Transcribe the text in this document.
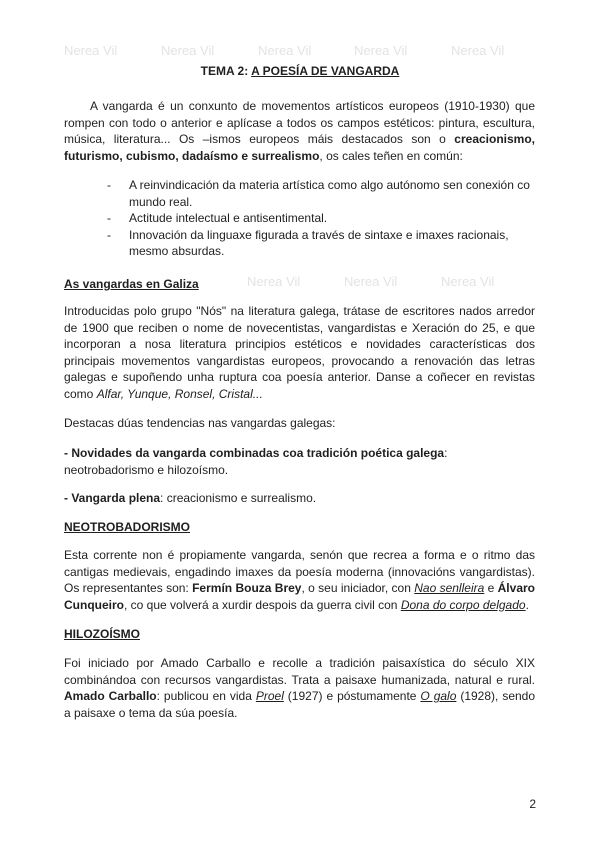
Nerea Vil	Nerea Vil	Nerea Vil	Nerea Vil	Nerea Vil
TEMA 2: A POESÍA DE VANGARDA
A vangarda é un conxunto de movementos artísticos europeos (1910-1930) que rompen con todo o anterior e aplícase a todos os campos estéticos: pintura, escultura, música, literatura... Os –ismos europeos máis destacados son o creacionismo, futurismo, cubismo, dadaísmo e surrealismo, os cales teñen en común:
-	A reinvindicación da materia artística como algo autónomo sen conexión co mundo real.
-	Actitude intelectual e antisentimental.
-	Innovación da linguaxe figurada a través de sintaxe e imaxes racionais, mesmo absurdas.
As vangardas en Galiza	Nerea Vil	Nerea Vil	Nerea Vil
Introducidas polo grupo "Nós" na literatura galega, trátase de escritores nados arredor de 1900 que reciben o nome de novecentistas, vangardistas e Xeración do 25, e que incorporan a nosa literatura principios estéticos e novidades características dos principais movementos vangardistas europeos, provocando a renovación das letras galegas e supoñendo unha ruptura coa poesía anterior. Danse a coñecer en revistas como Alfar, Yunque, Ronsel, Cristal...
Destacas dúas tendencias nas vangardas galegas:
- Novidades da vangarda combinadas coa tradición poética galega: neotrobadorismo e hilozoísmo.
- Vangarda plena: creacionismo e surrealismo.
NEOTROBADORISMO
Esta corrente non é propiamente vangarda, senón que recrea a forma e o ritmo das cantigas medievais, engadindo imaxes da poesía moderna (innovacións vangardistas). Os representantes son: Fermín Bouza Brey, o seu iniciador, con Nao senlleira e Álvaro Cunqueiro, co que volverá a xurdir despois da guerra civil con Dona do corpo delgado.
HILOZOÍSMO
Foi iniciado por Amado Carballo e recolle a tradición paisaxística do século XIX combinándoa con recursos vangardistas. Trata a paisaxe humanizada, natural e rural. Amado Carballo: publicou en vida Proel (1927) e póstumamente O galo (1928), sendo a paisaxe o tema da súa poesía.
2
